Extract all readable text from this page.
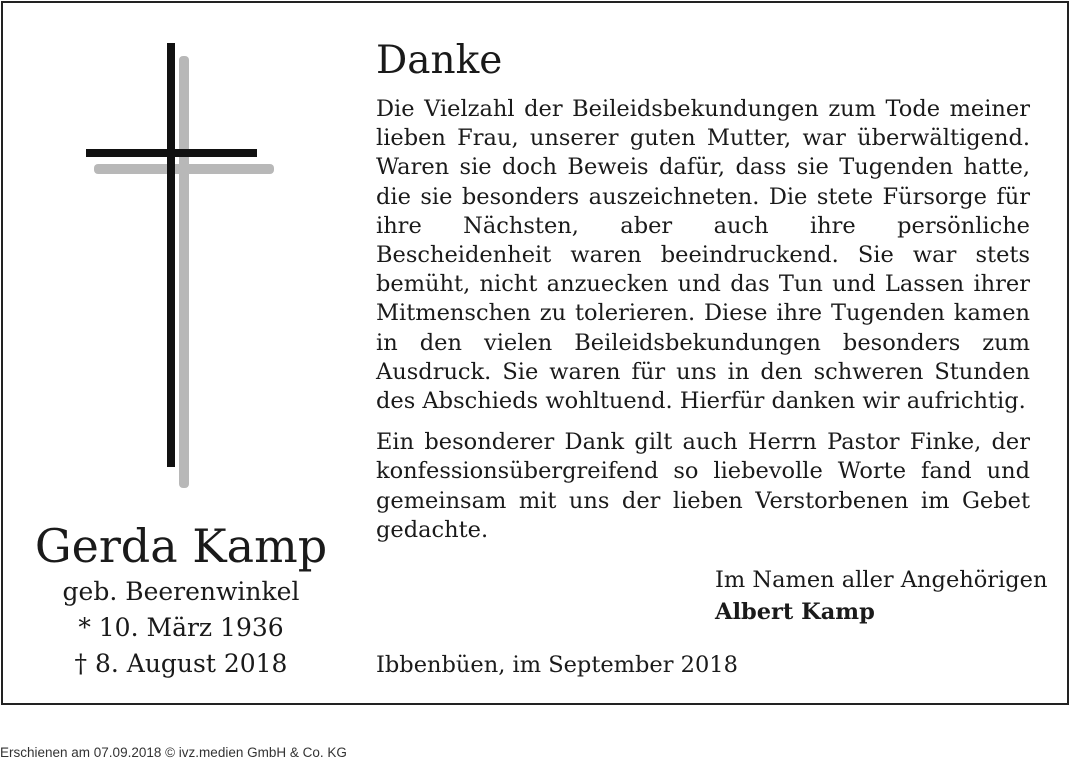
Gerda Kamp

geb. Beerenwinkel

* 10. März 1936

† 8. August 2018

Danke

Die Vielzahl der Beileidsbekundungen zum Tode meiner lieben Frau, unserer guten Mutter, war überwältigend. Waren sie doch Beweis dafür, dass sie Tugenden hatte, die sie besonders auszeichneten. Die stete Fürsorge für ihre Nächsten, aber auch ihre persönliche Bescheidenheit waren beeindruckend. Sie war stets bemüht, nicht anzuecken und das Tun und Lassen ihrer Mitmenschen zu tolerieren. Diese ihre Tugenden kamen in den vielen Beileidsbekundungen besonders zum Ausdruck. Sie waren für uns in den schweren Stunden des Abschieds wohltuend. Hierfür danken wir aufrichtig.

Ein besonderer Dank gilt auch Herrn Pastor Finke, der konfessionsübergreifend so liebevolle Worte fand und gemeinsam mit uns der lieben Verstorbenen im Gebet gedachte.

Im Namen aller Angehörigen
Albert Kamp
Ibbenbüen, im September 2018
Erschienen am 07.09.2018 © ivz.medien GmbH & Co. KG
